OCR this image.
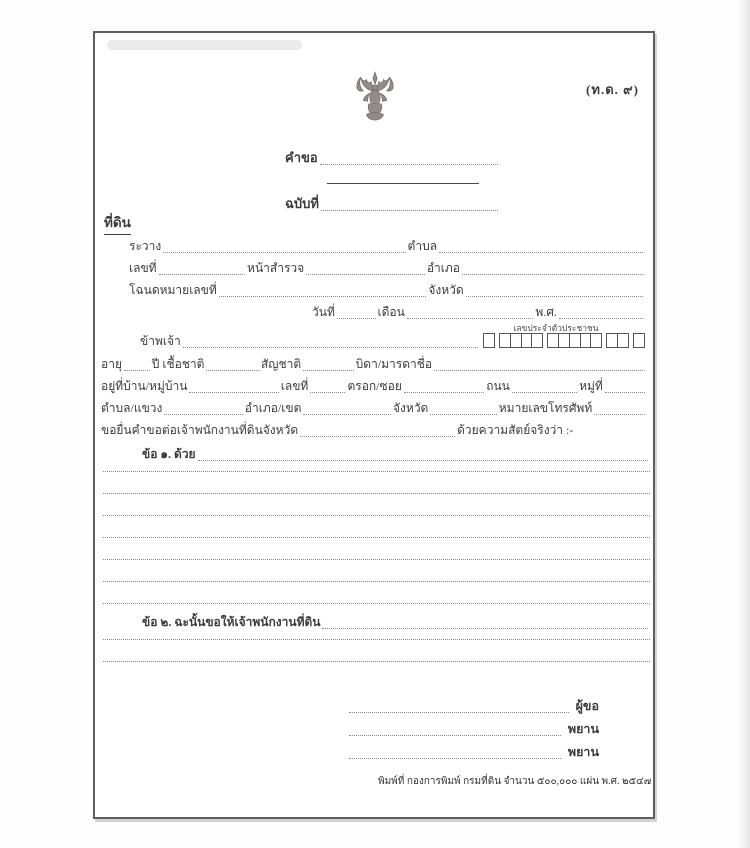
(ท.ด. ๙)
คำขอ
ฉบับที่
ที่ดิน
ระวาง	ตำบล
เลขที่	หน้าสำรวจ	อำเภอ
โฉนดหมายเลขที่	จังหวัด
วันที่	เดือน	พ.ศ.
เลขประจำตัวประชาชน
ข้าพเจ้า
อายุ ปี เชื้อชาติ	สัญชาติ	บิดา/มารดาชื่อ
อยู่ที่บ้าน/หมู่บ้าน	เลขที่	ตรอก/ซอย	ถนน	หมู่ที่
ตำบล/แขวง	อำเภอ/เขต	จังหวัด	หมายเลขโทรศัพท์
ขอยื่นคำขอต่อเจ้าพนักงานที่ดินจังหวัด	ด้วยความสัตย์จริงว่า :-
ข้อ ๑. ด้วย
ข้อ ๒. ฉะนั้นขอให้เจ้าพนักงานที่ดิน
ผู้ขอ
พยาน
พยาน
พิมพ์ที่ กองการพิมพ์ กรมที่ดิน จำนวน ๕๐๐,๐๐๐ แผ่น พ.ศ. ๒๕๔๗
